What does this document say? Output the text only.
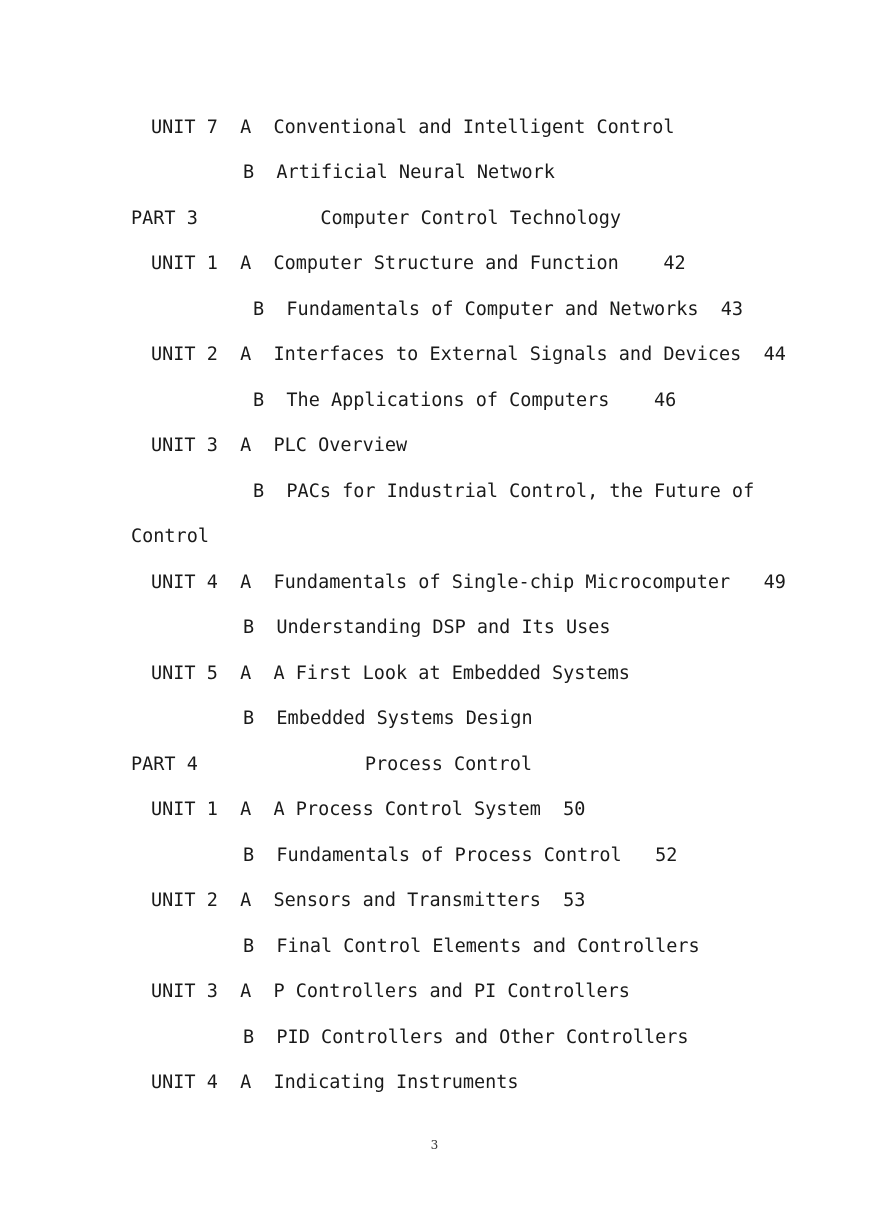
UNIT 7  A  Conventional and Intelligent Control
B  Artificial Neural Network
PART 3           Computer Control Technology
UNIT 1  A  Computer Structure and Function    42
B  Fundamentals of Computer and Networks  43
UNIT 2  A  Interfaces to External Signals and Devices  44
B  The Applications of Computers    46
UNIT 3  A  PLC Overview
B  PACs for Industrial Control, the Future of
Control
UNIT 4  A  Fundamentals of Single-chip Microcomputer   49
B  Understanding DSP and Its Uses
UNIT 5  A  A First Look at Embedded Systems
B  Embedded Systems Design
PART 4               Process Control
UNIT 1  A  A Process Control System  50
B  Fundamentals of Process Control   52
UNIT 2  A  Sensors and Transmitters  53
B  Final Control Elements and Controllers
UNIT 3  A  P Controllers and PI Controllers
B  PID Controllers and Other Controllers
UNIT 4  A  Indicating Instruments
3
